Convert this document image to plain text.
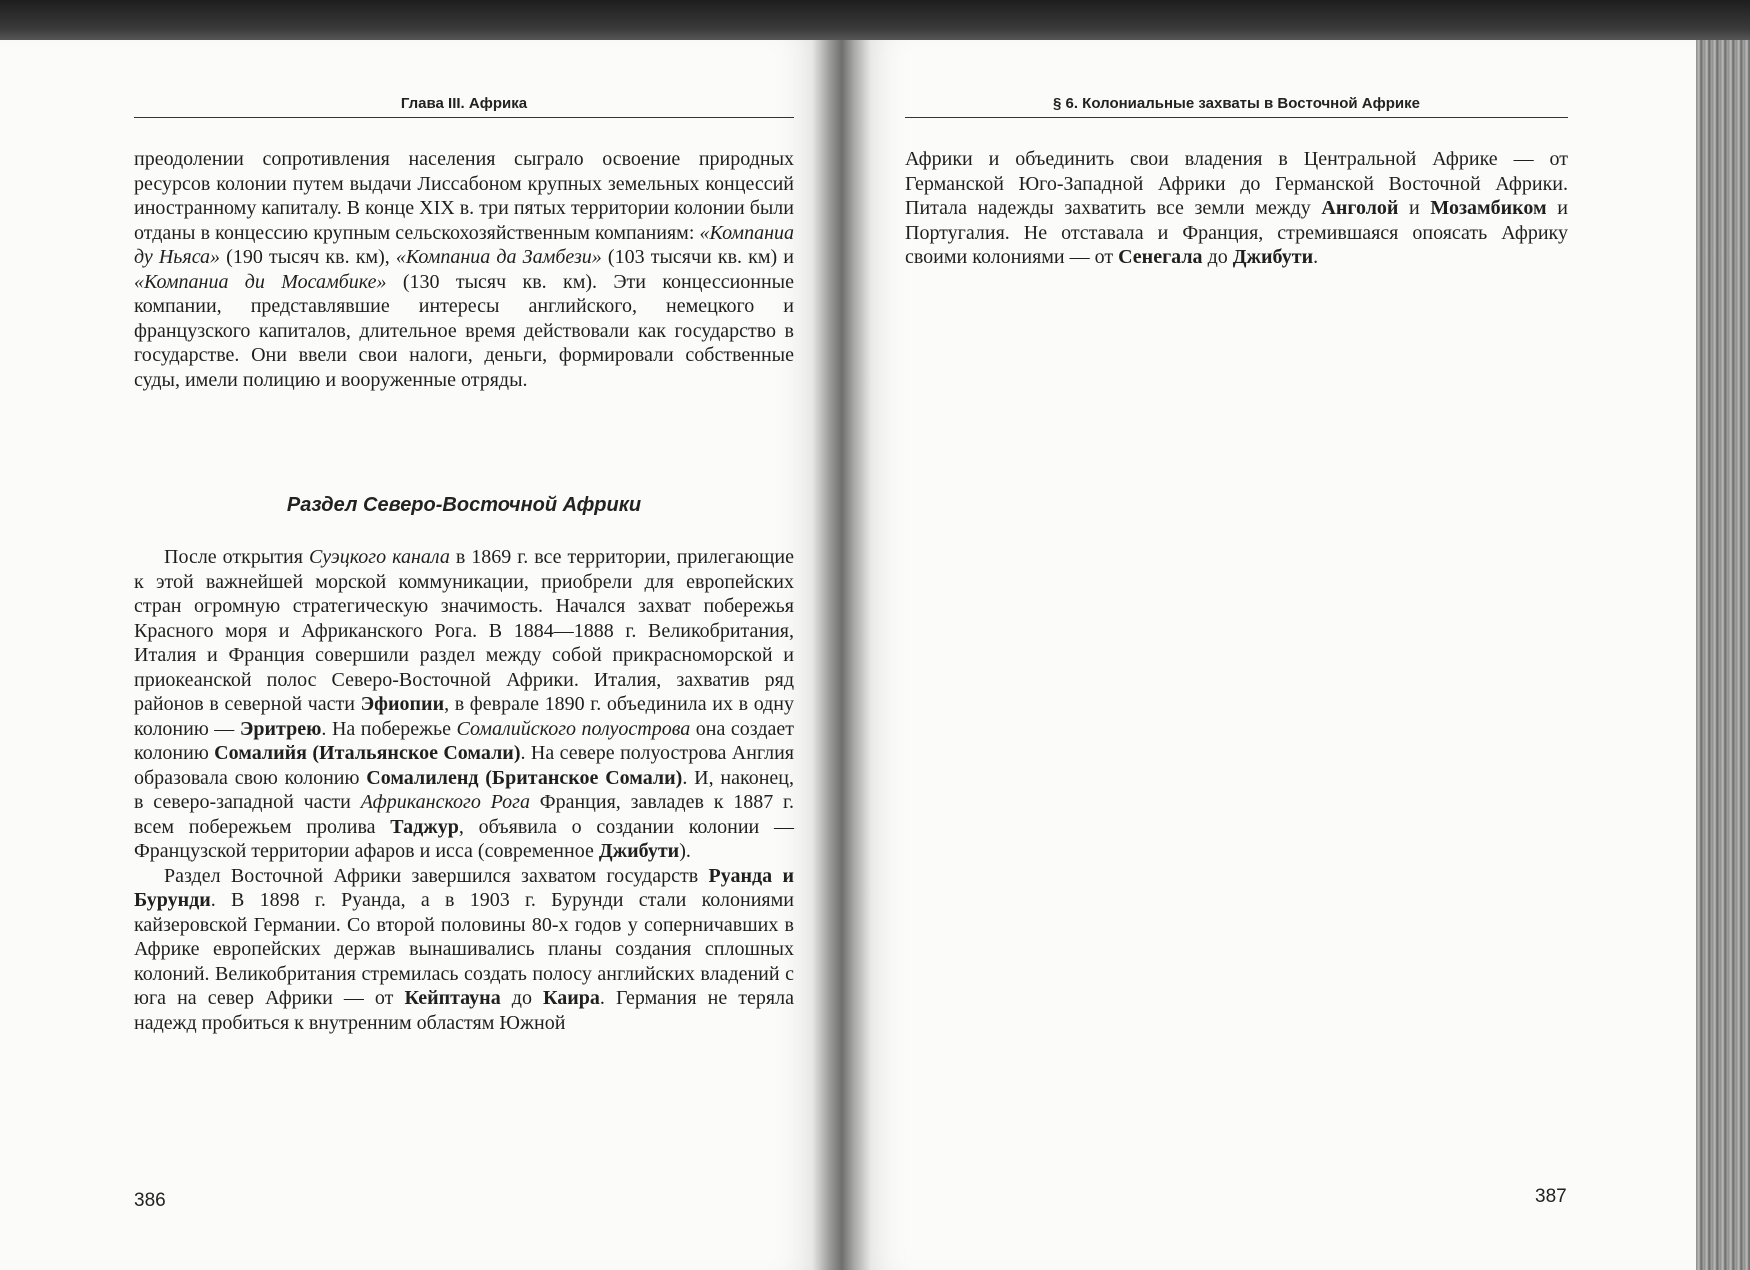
Глава III. Африка

преодолении сопротивления населения сыграло освоение природных ресурсов колонии путем выдачи Лиссабоном крупных земельных концессий иностранному капиталу. В конце XIX в. три пятых территории колонии были отданы в концессию крупным сельскохозяйственным компаниям: «Компаниа ду Ньяса» (190 тысяч кв. км), «Компаниа да Замбези» (103 тысячи кв. км) и «Компаниа ди Мосамбике» (130 тысяч кв. км). Эти концессионные компании, представлявшие интересы английского, немецкого и французского капиталов, длительное время действовали как государство в государстве. Они ввели свои налоги, деньги, формировали собственные суды, имели полицию и вооруженные отряды.

Раздел Северо-Восточной Африки

После открытия Суэцкого канала в 1869 г. все территории, прилегающие к этой важнейшей морской коммуникации, приобрели для европейских стран огромную стратегическую значимость. Начался захват побережья Красного моря и Африканского Рога. В 1884—1888 г. Великобритания, Италия и Франция совершили раздел между собой прикрасноморской и приокеанской полос Северо-Восточной Африки. Италия, захватив ряд районов в северной части Эфиопии, в феврале 1890 г. объединила их в одну колонию — Эритрею. На побережье Сомалийского полуострова она создает колонию Сомалийя (Итальянское Сомали). На севере полуострова Англия образовала свою колонию Сомалиленд (Британское Сомали). И, наконец, в северо-западной части Африканского Рога Франция, завладев к 1887 г. всем побережьем пролива Таджур, объявила о создании колонии — Французской территории афаров и исса (современное Джибути).

Раздел Восточной Африки завершился захватом государств Руанда и Бурунди. В 1898 г. Руанда, а в 1903 г. Бурунди стали колониями кайзеровской Германии. Со второй половины 80-х годов у соперничавших в Африке европейских держав вынашивались планы создания сплошных колоний. Великобритания стремилась создать полосу английских владений с юга на север Африки — от Кейптауна до Каира. Германия не теряла надежд пробиться к внутренним областям Южной

386
§ 6. Колониальные захваты в Восточной Африке

Африки и объединить свои владения в Центральной Африке — от Германской Юго-Западной Африки до Германской Восточной Африки. Питала надежды захватить все земли между Анголой и Мозамбиком и Португалия. Не отставала и Франция, стремившаяся опоясать Африку своими колониями — от Сенегала до Джибути.

387
